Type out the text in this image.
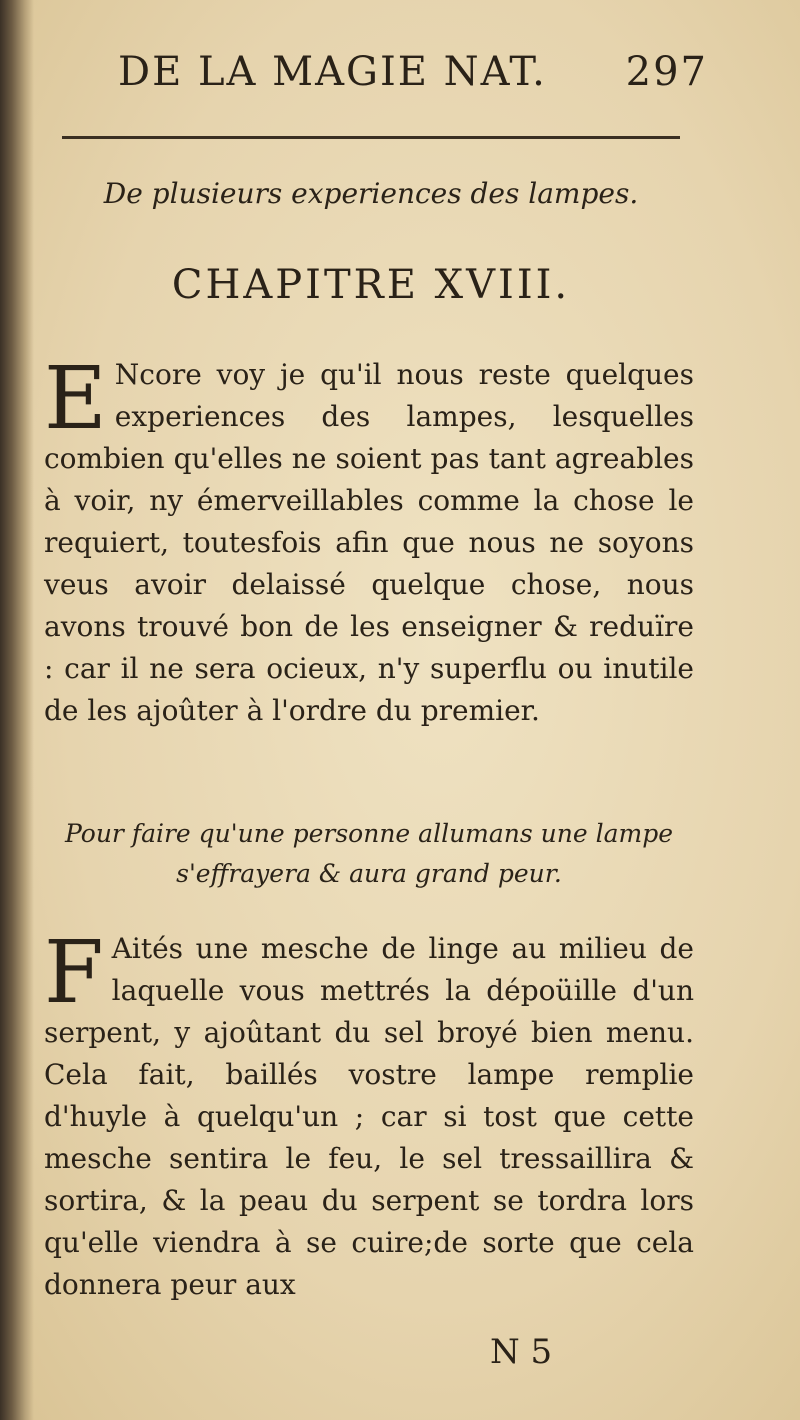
DE LA MAGIE NAT. 297
De plusieurs experiences des lampes.
CHAPITRE XVIII.
E Ncore voy je qu'il nous reste quelques experiences des lampes, lesquelles combien qu'elles ne soient pas tant agreables à voir, ny émerveillables comme la chose le requiert, toutesfois afin que nous ne soyons veus avoir delaissé quelque chose, nous avons trouvé bon de les enseigner & reduïre : car il ne sera ocieux, n'y superflu ou inutile de les ajoûter à l'ordre du premier.
Pour faire qu'une personne allumans une lampe s'effrayera & aura grand peur.
F Aités une mesche de linge au milieu de laquelle vous mettrés la dépoüille d'un serpent, y ajoûtant du sel broyé bien menu. Cela fait, baillés vostre lampe remplie d'huyle à quelqu'un ; car si tost que cette mesche sentira le feu, le sel tressaillira & sortira, & la peau du serpent se tordra lors qu'elle viendra à se cuire;de sorte que cela donnera peur aux
N 5
